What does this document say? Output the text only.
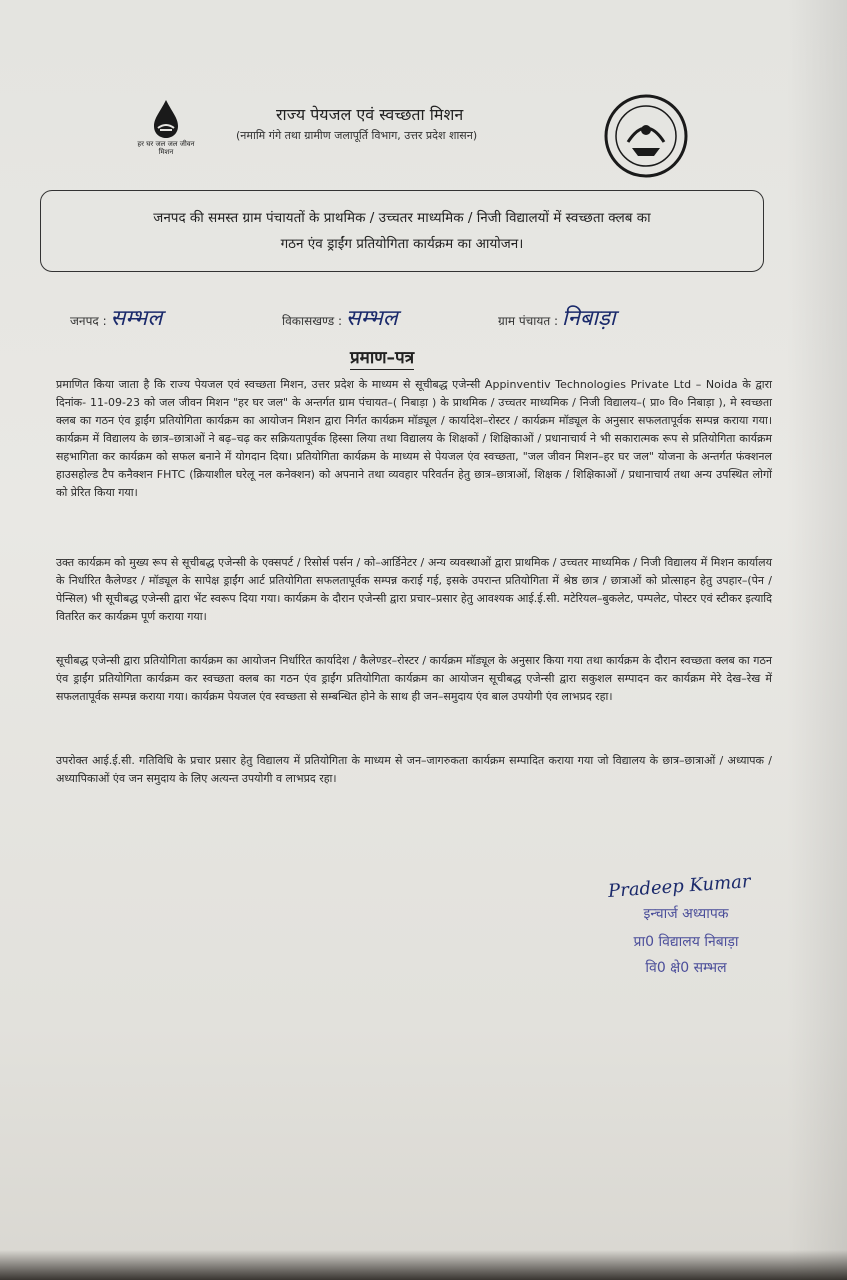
हर घर जल जल जीवन मिशन
राज्य पेयजल एवं स्वच्छता मिशन
(नमामि गंगे तथा ग्रामीण जलापूर्ति विभाग, उत्तर प्रदेश शासन)
जनपद की समस्त ग्राम पंचायतों के प्राथमिक / उच्चतर माध्यमिक / निजी विद्यालयों में स्वच्छता क्लब का
गठन एंव ड्राईंग प्रतियोगिता कार्यक्रम का आयोजन।
जनपद : सम्भल	विकासखण्ड : सम्भल	ग्राम पंचायत : निबाड़ा
प्रमाण–पत्र
प्रमाणित किया जाता है कि राज्य पेयजल एवं स्वच्छता मिशन, उत्तर प्रदेश के माध्यम से सूचीबद्ध एजेन्सी Appinventiv Technologies Private Ltd – Noida के द्वारा दिनांक- 11-09-23 को जल जीवन मिशन "हर घर जल" के अन्तर्गत ग्राम पंचायत–( निबाड़ा ) के प्राथमिक / उच्चतर माध्यमिक / निजी विद्यालय–( प्रा० वि० निबाड़ा ), मे स्वच्छता क्लब का गठन एंव ड्राईंग प्रतियोगिता कार्यक्रम का आयोजन मिशन द्वारा निर्गत कार्यक्रम मॉड्यूल / कार्यादेश–रोस्टर / कार्यक्रम मॉड्यूल के अनुसार सफलतापूर्वक सम्पन्न कराया गया। कार्यक्रम में विद्यालय के छात्र–छात्राओं ने बढ़–चढ़ कर सक्रियतापूर्वक हिस्सा लिया तथा विद्यालय के शिक्षकों / शिक्षिकाओं / प्रधानाचार्य ने भी सकारात्मक रूप से प्रतियोगिता कार्यक्रम सहभागिता कर कार्यक्रम को सफल बनाने में योगदान दिया। प्रतियोगिता कार्यक्रम के माध्यम से पेयजल एंव स्वच्छता, "जल जीवन मिशन–हर घर जल" योजना के अन्तर्गत फंक्शनल हाउसहोल्ड टैप कनैक्शन FHTC (क्रियाशील घरेलू नल कनेक्शन) को अपनाने तथा व्यवहार परिवर्तन हेतु छात्र–छात्राओं, शिक्षक / शिक्षिकाओं / प्रधानाचार्य तथा अन्य उपस्थित लोगों को प्रेरित किया गया।
उक्त कार्यक्रम को मुख्य रूप से सूचीबद्ध एजेन्सी के एक्सपर्ट / रिसोर्स पर्सन / को–आर्डिनेटर / अन्य व्यवस्थाओं द्वारा प्राथमिक / उच्चतर माध्यमिक / निजी विद्यालय में मिशन कार्यालय के निर्धारित कैलेण्डर / मॉड्यूल के सापेक्ष ड्राईंग आर्ट प्रतियोगिता सफलतापूर्वक सम्पन्न कराई गई, इसके उपरान्त प्रतियोगिता में श्रेष्ठ छात्र / छात्राओं को प्रोत्साहन हेतु उपहार–(पेन / पेन्सिल) भी सूचीबद्ध एजेन्सी द्वारा भेंट स्वरूप दिया गया। कार्यक्रम के दौरान एजेन्सी द्वारा प्रचार–प्रसार हेतु आवश्यक आई.ई.सी. मटेरियल–बुकलेट, पम्पलेट, पोस्टर एवं स्टीकर इत्यादि वितरित कर कार्यक्रम पूर्ण कराया गया।
सूचीबद्ध एजेन्सी द्वारा प्रतियोगिता कार्यक्रम का आयोजन निर्धारित कार्यादेश / कैलेण्डर–रोस्टर / कार्यक्रम मॉड्यूल के अनुसार किया गया तथा कार्यक्रम के दौरान स्वच्छता क्लब का गठन एंव ड्राईंग प्रतियोगिता कार्यक्रम कर स्वच्छता क्लब का गठन एंव ड्राईंग प्रतियोगिता कार्यक्रम का आयोजन सूचीबद्ध एजेन्सी द्वारा सकुशल सम्पादन कर कार्यक्रम मेरे देख–रेख में सफलतापूर्वक सम्पन्न कराया गया। कार्यक्रम पेयजल एंव स्वच्छता से सम्बन्धित होने के साथ ही जन–समुदाय एंव बाल उपयोगी एंव लाभप्रद रहा।
उपरोक्त आई.ई.सी. गतिविधि के प्रचार प्रसार हेतु विद्यालय में प्रतियोगिता के माध्यम से जन–जागरुकता कार्यक्रम सम्पादित कराया गया जो विद्यालय के छात्र–छात्राओं / अध्यापक / अध्यापिकाओं एंव जन समुदाय के लिए अत्यन्त उपयोगी व लाभप्रद रहा।
Pradeep Kumar
इन्चार्ज अध्यापक
प्रा0 विद्यालय निबाड़ा
वि0 क्षे0 सम्भल
